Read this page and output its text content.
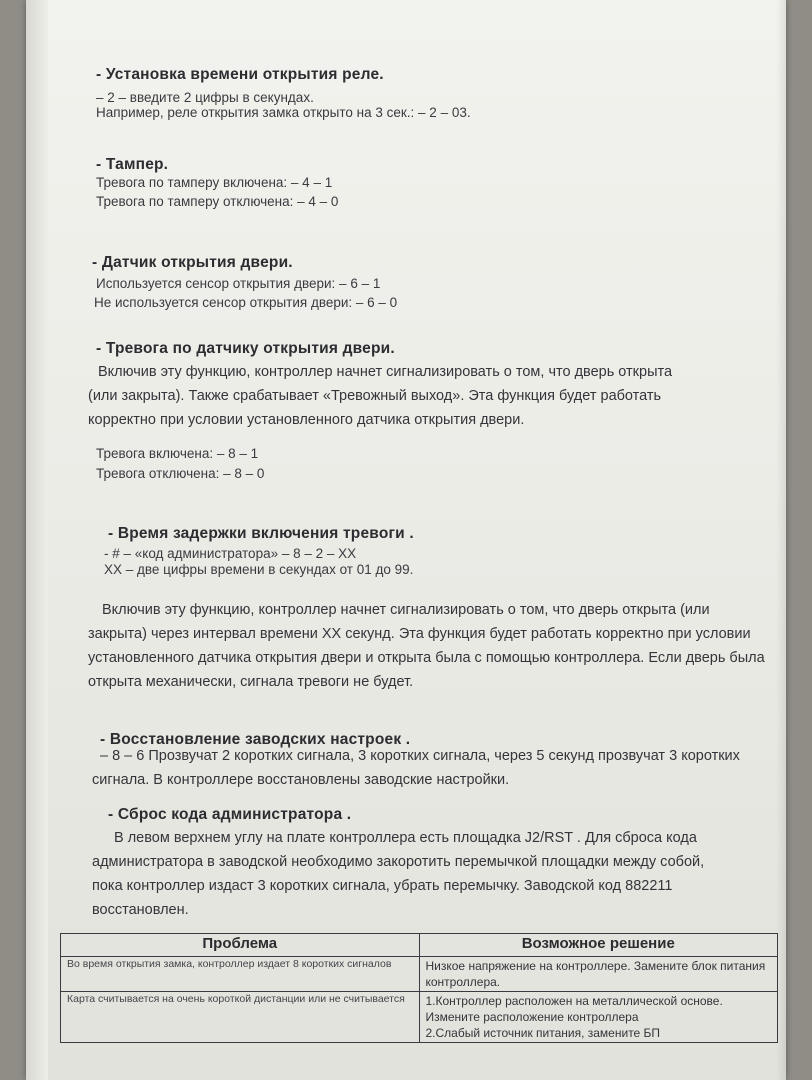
- Установка времени открытия реле.
– 2 – введите 2 цифры в секундах.
Например, реле открытия замка открыто на 3 сек.: – 2 – 03.
- Тампер.
Тревога по тамперу включена: – 4 – 1
Тревога по тамперу отключена: – 4 – 0
- Датчик открытия двери.
Используется сенсор открытия двери: – 6 – 1
Не используется сенсор открытия двери: – 6 – 0
- Тревога по датчику открытия двери.
Включив эту функцию, контроллер начнет сигнализировать о том, что дверь открыта (или закрыта). Также срабатывает «Тревожный выход». Эта функция будет работать корректно при условии установленного датчика открытия двери.
Тревога включена: – 8 – 1
Тревога отключена: – 8 – 0
- Время задержки включения тревоги .
- # – «код администратора» – 8 – 2 – XX
XX – две цифры времени в секундах от 01 до 99.
Включив эту функцию, контроллер начнет сигнализировать о том, что дверь открыта (или закрыта) через интервал времени XX секунд. Эта функция будет работать корректно при условии установленного датчика открытия двери и открыта была с помощью контроллера. Если дверь была открыта механически, сигнала тревоги не будет.
- Восстановление заводских настроек .
– 8 – 6 Прозвучат 2 коротких сигнала, 3 коротких сигнала, через 5 секунд прозвучат 3 коротких сигнала. В контроллере восстановлены заводские настройки.
- Сброс кода администратора .
В левом верхнем углу на плате контроллера есть площадка J2/RST . Для сброса кода администратора в заводской необходимо закоротить перемычкой площадки между собой, пока контроллер издаст 3 коротких сигнала, убрать перемычку. Заводской код 882211 восстановлен.
Проблема	Возможное решение
Во время открытия замка, контроллер издает 8 коротких сигналов	Низкое напряжение на контроллере. Замените блок питания контроллера.
Карта считывается на очень короткой дистанции или не считывается	1.Контроллер расположен на металлической основе. Измените расположение контроллера
2.Слабый источник питания, замените БП
